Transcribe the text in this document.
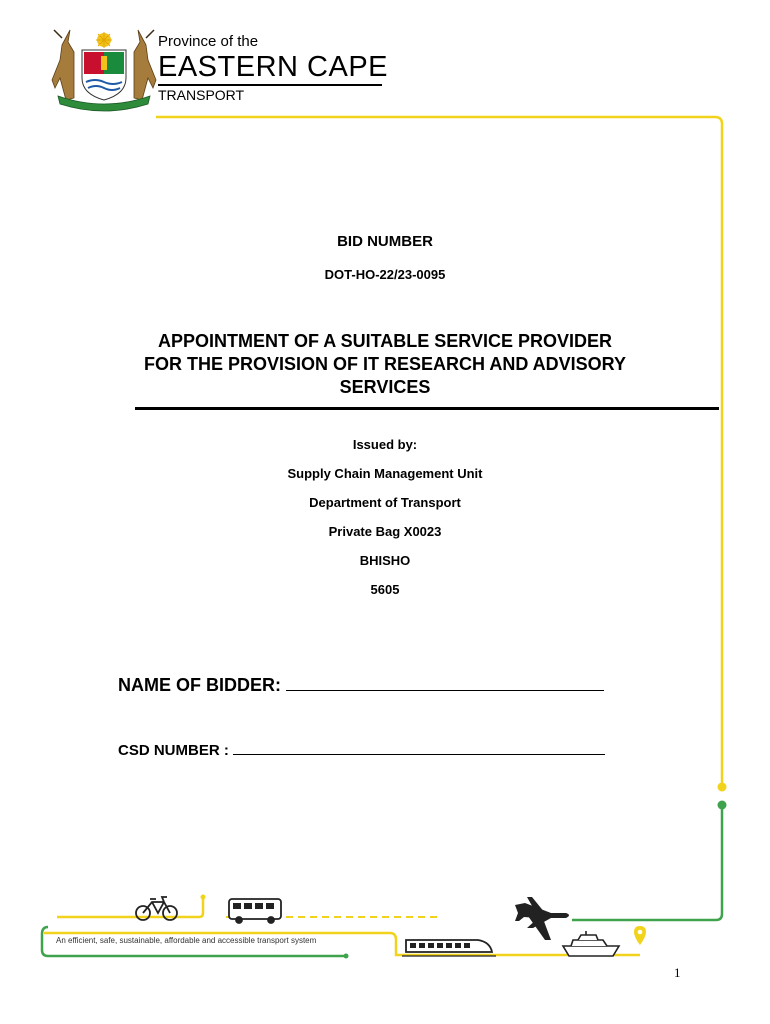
Province of the
EASTERN CAPE
TRANSPORT
BID NUMBER
DOT-HO-22/23-0095
APPOINTMENT OF A SUITABLE SERVICE PROVIDER
FOR THE PROVISION OF IT RESEARCH AND ADVISORY
SERVICES
Issued by:
Supply Chain Management Unit
Department of Transport
Private Bag X0023
BHISHO
5605
NAME OF BIDDER:
CSD NUMBER :
An efficient, safe, sustainable, affordable and accessible transport system
1
